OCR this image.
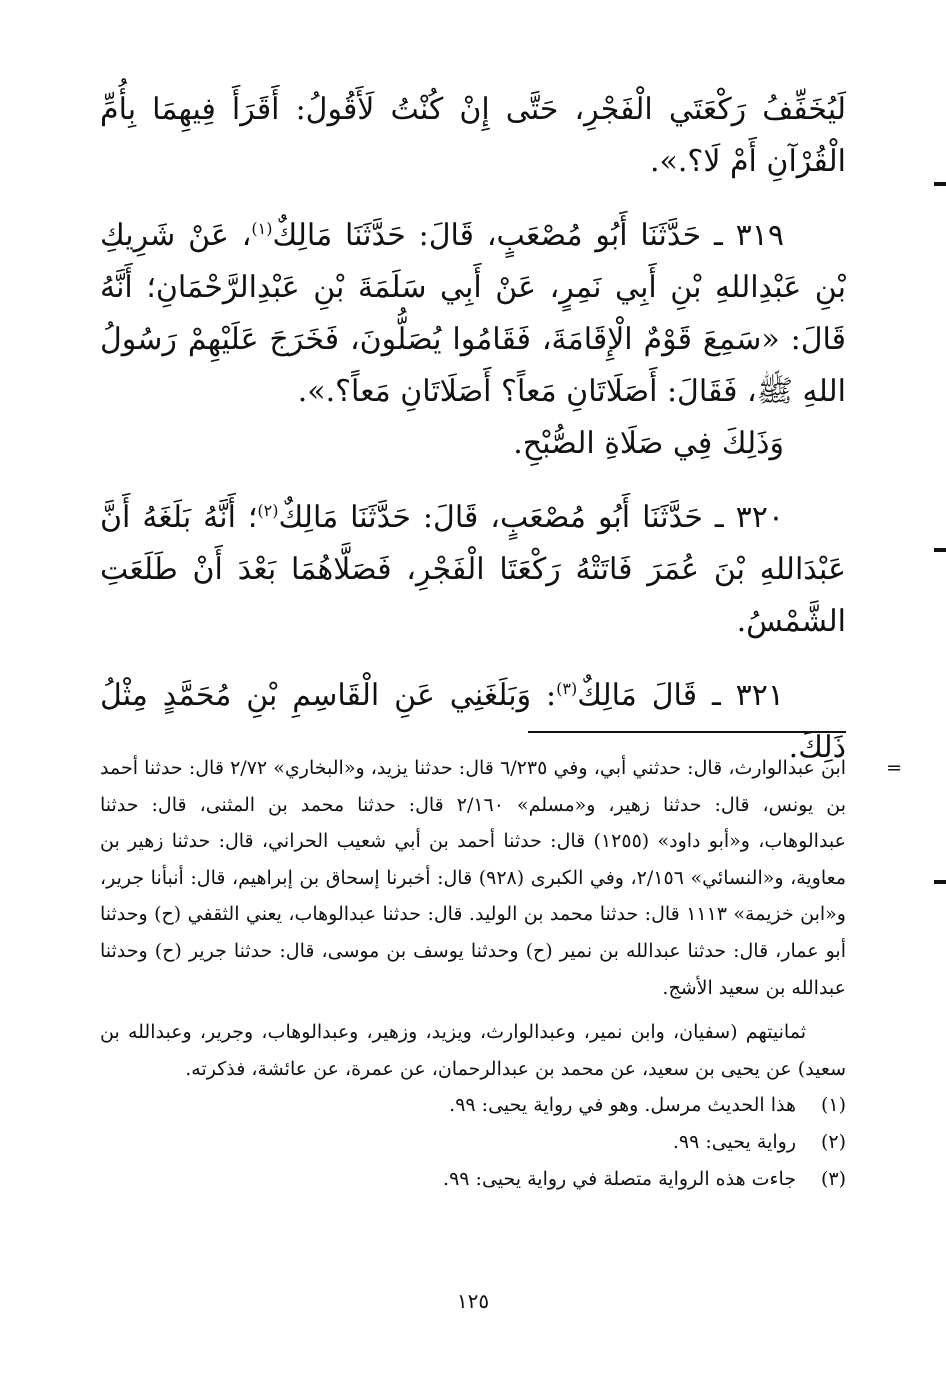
لَيُخَفِّفُ رَكْعَتَي الْفَجْرِ، حَتَّى إِنْ كُنْتُ لَأَقُولُ: أَقَرَأَ فِيهِمَا بِأُمِّ الْقُرْآنِ أَمْ لَا؟.».

٣١٩ ـ حَدَّثَنَا أَبُو مُصْعَبٍ، قَالَ: حَدَّثَنَا مَالِكٌ$^{(١)}$، عَنْ شَرِيكِ بْنِ عَبْدِاللهِ بْنِ أَبِي نَمِرٍ، عَنْ أَبِي سَلَمَةَ بْنِ عَبْدِالرَّحْمَانِ؛ أَنَّهُ قَالَ: «سَمِعَ قَوْمٌ الْإِقَامَةَ، فَقَامُوا يُصَلُّونَ، فَخَرَجَ عَلَيْهِمْ رَسُولُ اللهِ ﷺ، فَقَالَ: أَصَلَاتَانِ مَعاً؟ أَصَلَاتَانِ مَعاً؟.».

وَذَلِكَ فِي صَلَاةِ الصُّبْحِ.

٣٢٠ ـ حَدَّثَنَا أَبُو مُصْعَبٍ، قَالَ: حَدَّثَنَا مَالِكٌ$^{(٢)}$؛ أَنَّهُ بَلَغَهُ أَنَّ عَبْدَاللهِ بْنَ عُمَرَ فَاتَتْهُ رَكْعَتَا الْفَجْرِ، فَصَلَّاهُمَا بَعْدَ أَنْ طَلَعَتِ الشَّمْسُ.

٣٢١ ـ قَالَ مَالِكٌ$^{(٣)}$: وَبَلَغَنِي عَنِ الْقَاسِمِ بْنِ مُحَمَّدٍ مِثْلُ ذَلِكَ.

=
ابن عبدالوارث، قال: حدثني أبي، وفي ٦/٢٣٥ قال: حدثنا يزيد، و«البخاري» ٢/٧٢ قال: حدثنا أحمد بن يونس، قال: حدثنا زهير، و«مسلم» ٢/١٦٠ قال: حدثنا محمد بن المثنى، قال: حدثنا عبدالوهاب، و«أبو داود» (١٢٥٥) قال: حدثنا أحمد بن أبي شعيب الحراني، قال: حدثنا زهير بن معاوية، و«النسائي» ٢/١٥٦، وفي الكبرى (٩٢٨) قال: أخبرنا إسحاق بن إبراهيم، قال: أنبأنا جرير، و«ابن خزيمة» ١١١٣ قال: حدثنا محمد بن الوليد. قال: حدثنا عبدالوهاب، يعني الثقفي (ح) وحدثنا أبو عمار، قال: حدثنا عبدالله بن نمير (ح) وحدثنا يوسف بن موسى، قال: حدثنا جرير (ح) وحدثنا عبدالله بن سعيد الأشج.

ثمانيتهم (سفيان، وابن نمير، وعبدالوارث، ويزيد، وزهير، وعبدالوهاب، وجرير، وعبدالله بن سعيد) عن يحيى بن سعيد، عن محمد بن عبدالرحمان، عن عمرة، عن عائشة، فذكرته.

(١)
هذا الحديث مرسل. وهو في رواية يحيى: ٩٩.
(٢)
رواية يحيى: ٩٩.
(٣)
جاءت هذه الرواية متصلة في رواية يحيى: ٩٩.
١٢٥
